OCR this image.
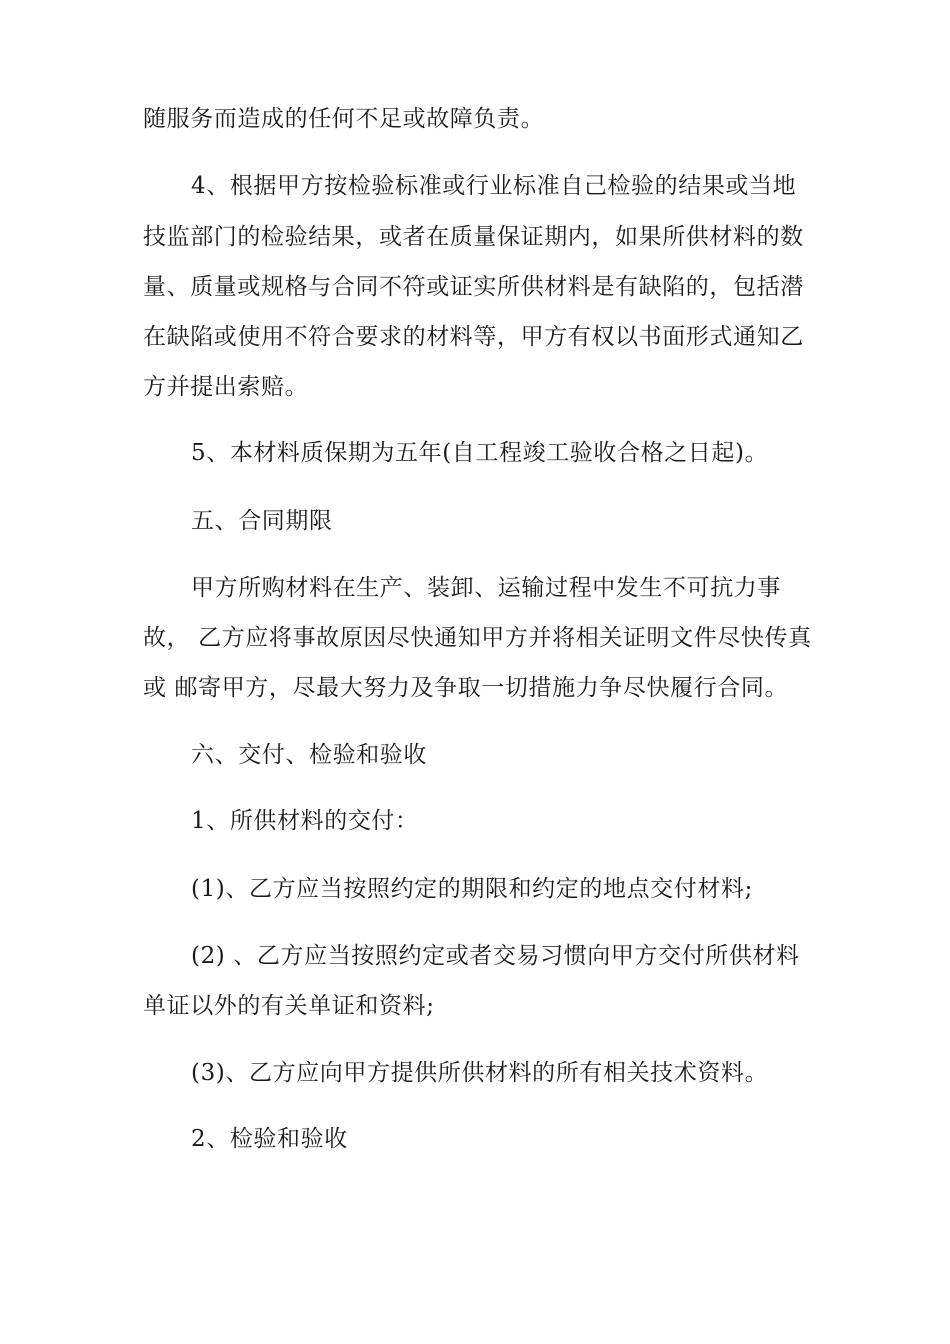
随服务而造成的任何不足或故障负责。
4、根据甲方按检验标准或行业标准自己检验的结果或当地
技监部门的检验结果，或者在质量保证期内，如果所供材料的数
量、质量或规格与合同不符或证实所供材料是有缺陷的，包括潜
在缺陷或使用不符合要求的材料等，甲方有权以书面形式通知乙
方并提出索赔。
5、本材料质保期为五年(自工程竣工验收合格之日起)。
五、合同期限
甲方所购材料在生产、装卸、运输过程中发生不可抗力事
故， 乙方应将事故原因尽快通知甲方并将相关证明文件尽快传真
或 邮寄甲方，尽最大努力及争取一切措施力争尽快履行合同。
六、交付、检验和验收
1、所供材料的交付：
(1)、乙方应当按照约定的期限和约定的地点交付材料;
(2) 、乙方应当按照约定或者交易习惯向甲方交付所供材料
单证以外的有关单证和资料;
(3)、乙方应向甲方提供所供材料的所有相关技术资料。
2、检验和验收
